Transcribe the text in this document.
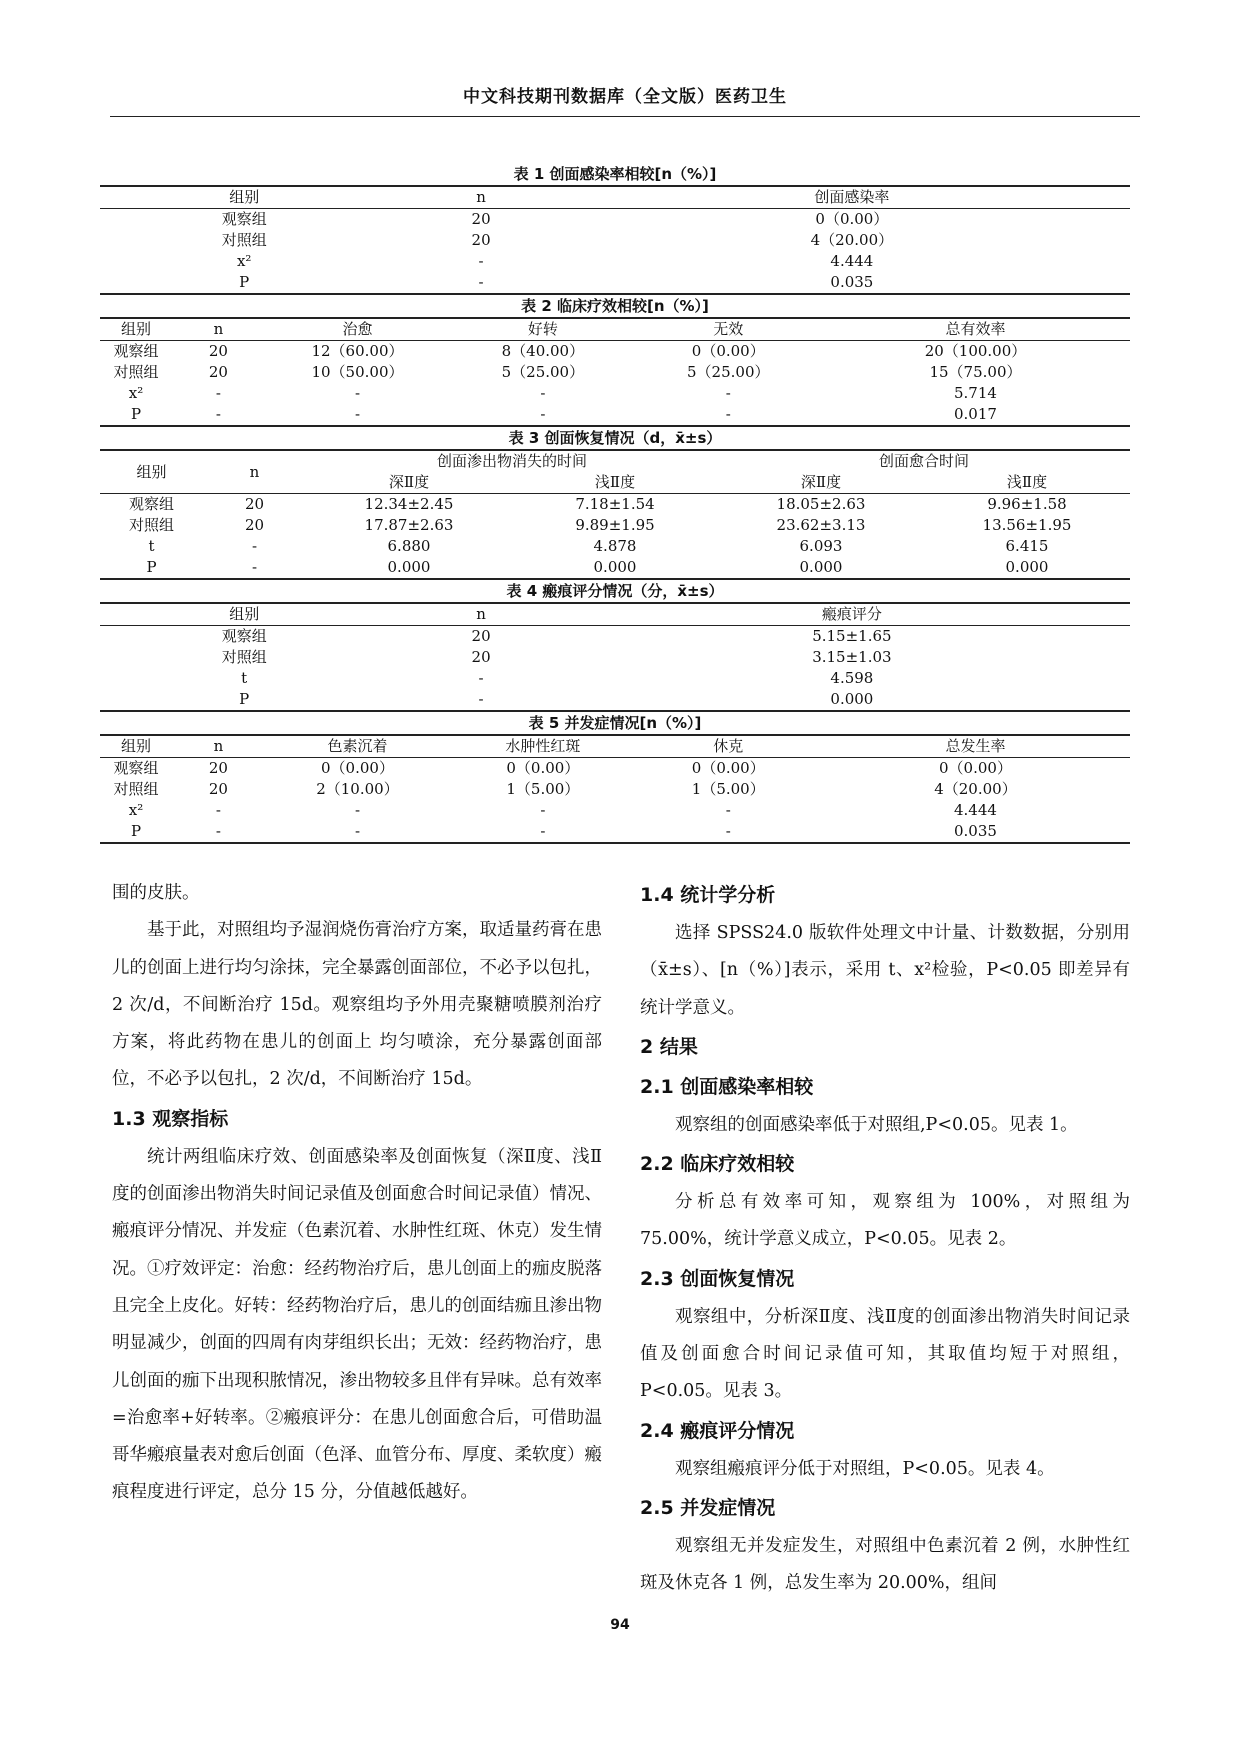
中文科技期刊数据库（全文版）医药卫生
表 1 创面感染率相较[n（%）]
组别	n	创面感染率
观察组	20	0（0.00）
对照组	20	4（20.00）
x²	-	4.444
P	-	0.035
表 2 临床疗效相较[n（%）]
组别	n	治愈	好转	无效	总有效率
观察组	20	12（60.00）	8（40.00）	0（0.00）	20（100.00）
对照组	20	10（50.00）	5（25.00）	5（25.00）	15（75.00）
x²	-	-	-	-	5.714
P	-	-	-	-	0.017
表 3 创面恢复情况（d，x̄±s）
组别	n	创面渗出物消失的时间		创面愈合时间	
		深Ⅱ度	浅Ⅱ度	深Ⅱ度	浅Ⅱ度
观察组	20	12.34±2.45	7.18±1.54	18.05±2.63	9.96±1.58
对照组	20	17.87±2.63	9.89±1.95	23.62±3.13	13.56±1.95
t	-	6.880	4.878	6.093	6.415
P	-	0.000	0.000	0.000	0.000
表 4 瘢痕评分情况（分，x̄±s）
组别	n	瘢痕评分
观察组	20	5.15±1.65
对照组	20	3.15±1.03
t	-	4.598
P	-	0.000
表 5 并发症情况[n（%）]
组别	n	色素沉着	水肿性红斑	休克	总发生率
观察组	20	0（0.00）	0（0.00）	0（0.00）	0（0.00）
对照组	20	2（10.00）	1（5.00）	1（5.00）	4（20.00）
x²	-	-	-	-	4.444
P	-	-	-	-	0.035

围的皮肤。

基于此，对照组均予湿润烧伤膏治疗方案，取适量药膏在患儿的创面上进行均匀涂抹，完全暴露创面部位，不必予以包扎，2 次/d，不间断治疗 15d。观察组均予外用壳聚糖喷膜剂治疗方案，将此药物在患儿的创面上 均匀喷涂，充分暴露创面部位，不必予以包扎，2 次/d，不间断治疗 15d。

1.3 观察指标

统计两组临床疗效、创面感染率及创面恢复（深Ⅱ度、浅Ⅱ度的创面渗出物消失时间记录值及创面愈合时间记录值）情况、瘢痕评分情况、并发症（色素沉着、水肿性红斑、休克）发生情况。①疗效评定：治愈：经药物治疗后，患儿创面上的痂皮脱落且完全上皮化。好转：经药物治疗后，患儿的创面结痂且渗出物明显减少，创面的四周有肉芽组织长出；无效：经药物治疗，患儿创面的痂下出现积脓情况，渗出物较多且伴有异味。总有效率=治愈率+好转率。②瘢痕评分：在患儿创面愈合后，可借助温哥华瘢痕量表对愈后创面（色泽、血管分布、厚度、柔软度）瘢痕程度进行评定，总分 15 分，分值越低越好。

1.4 统计学分析

选择 SPSS24.0 版软件处理文中计量、计数数据，分别用（x̄±s）、[n（%）]表示，采用 t、x²检验，P<0.05 即差异有统计学意义。

2 结果
2.1 创面感染率相较

观察组的创面感染率低于对照组,P<0.05。见表 1。

2.2 临床疗效相较

分析总有效率可知，观察组为 100%，对照组为 75.00%，统计学意义成立，P<0.05。见表 2。

2.3 创面恢复情况

观察组中，分析深Ⅱ度、浅Ⅱ度的创面渗出物消失时间记录值及创面愈合时间记录值可知，其取值均短于对照组，P<0.05。见表 3。

2.4 瘢痕评分情况

观察组瘢痕评分低于对照组，P<0.05。见表 4。

2.5 并发症情况

观察组无并发症发生，对照组中色素沉着 2 例，水肿性红斑及休克各 1 例，总发生率为 20.00%，组间

94
